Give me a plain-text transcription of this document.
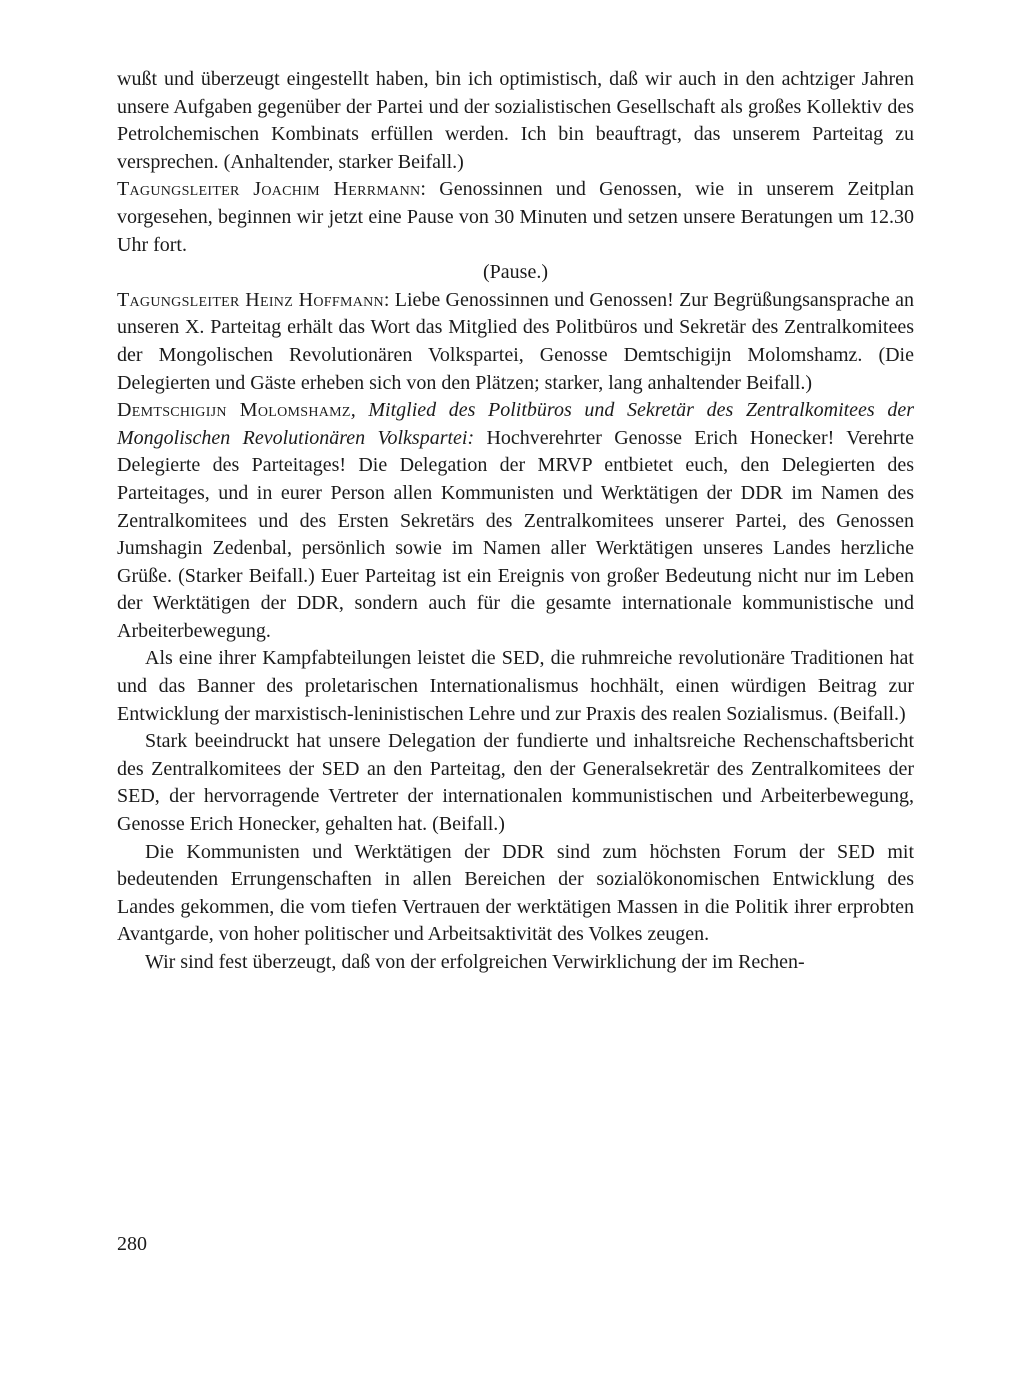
wußt und überzeugt eingestellt haben, bin ich optimistisch, daß wir auch in den achtziger Jahren unsere Aufgaben gegenüber der Partei und der sozialistischen Gesellschaft als großes Kollektiv des Petrolchemischen Kombinats erfüllen werden. Ich bin beauftragt, das unserem Parteitag zu versprechen. (Anhaltender, starker Beifall.)

Tagungsleiter Joachim Herrmann: Genossinnen und Genossen, wie in unserem Zeitplan vorgesehen, beginnen wir jetzt eine Pause von 30 Minuten und setzen unsere Beratungen um 12.30 Uhr fort.

(Pause.)

Tagungsleiter Heinz Hoffmann: Liebe Genossinnen und Genossen! Zur Begrüßungsansprache an unseren X. Parteitag erhält das Wort das Mitglied des Politbüros und Sekretär des Zentralkomitees der Mongolischen Revolutionären Volkspartei, Genosse Demtschigijn Molomshamz. (Die Delegierten und Gäste erheben sich von den Plätzen; starker, lang anhaltender Beifall.)

Demtschigijn Molomshamz, Mitglied des Politbüros und Sekretär des Zentralkomitees der Mongolischen Revolutionären Volkspartei: Hochverehrter Genosse Erich Honecker! Verehrte Delegierte des Parteitages! Die Delegation der MRVP entbietet euch, den Delegierten des Parteitages, und in eurer Person allen Kommunisten und Werktätigen der DDR im Namen des Zentralkomitees und des Ersten Sekretärs des Zentralkomitees unserer Partei, des Genossen Jumshagin Zedenbal, persönlich sowie im Namen aller Werktätigen unseres Landes herzliche Grüße. (Starker Beifall.) Euer Parteitag ist ein Ereignis von großer Bedeutung nicht nur im Leben der Werktätigen der DDR, sondern auch für die gesamte internationale kommunistische und Arbeiterbewegung.

Als eine ihrer Kampfabteilungen leistet die SED, die ruhmreiche revolutionäre Traditionen hat und das Banner des proletarischen Internationalismus hochhält, einen würdigen Beitrag zur Entwicklung der marxistisch-leninistischen Lehre und zur Praxis des realen Sozialismus. (Beifall.)

Stark beeindruckt hat unsere Delegation der fundierte und inhaltsreiche Rechenschaftsbericht des Zentralkomitees der SED an den Parteitag, den der Generalsekretär des Zentralkomitees der SED, der hervorragende Vertreter der internationalen kommunistischen und Arbeiterbewegung, Genosse Erich Honecker, gehalten hat. (Beifall.)

Die Kommunisten und Werktätigen der DDR sind zum höchsten Forum der SED mit bedeutenden Errungenschaften in allen Bereichen der sozialökonomischen Entwicklung des Landes gekommen, die vom tiefen Vertrauen der werktätigen Massen in die Politik ihrer erprobten Avantgarde, von hoher politischer und Arbeitsaktivität des Volkes zeugen.

Wir sind fest überzeugt, daß von der erfolgreichen Verwirklichung der im Rechen-

280
